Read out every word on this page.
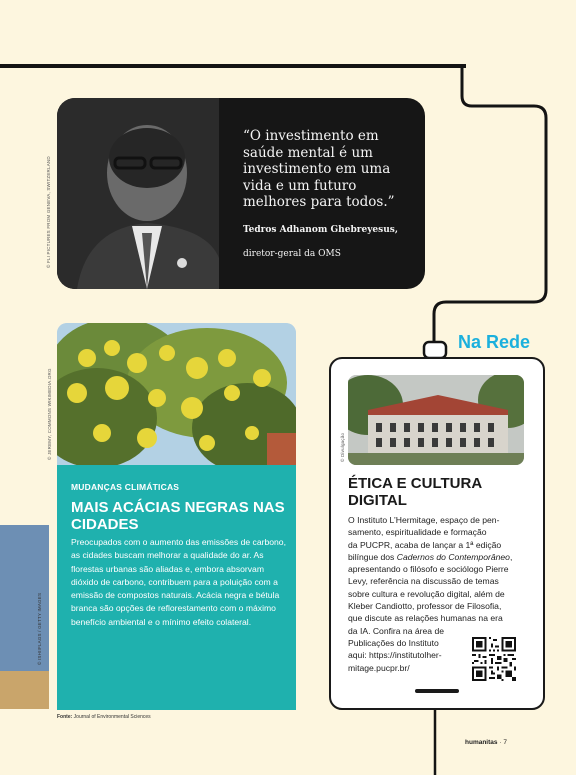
“O investimento em saúde mental é um investimento em uma vida e um futuro melhores para todos.”
Tedros Adhanom Ghebreyesus,
diretor-geral da OMS
© FLI PICTURES FROM GENEVA, SWITZERLAND
© ISHIIFLAGS / GETTY IMAGES
© JEREMY, COMMONS WIKIMEDIA.ORG
MUDANÇAS CLIMÁTICAS
MAIS ACÁCIAS NEGRAS NAS CIDADES
Preocupados com o aumento das emissões de carbono, as cidades buscam melhorar a qualidade do ar. As florestas urbanas são aliadas e, embora absorvam dióxido de carbono, contribuem para a poluição com a emissão de compostos naturais. Acácia negra e bétula branca são opções de reflorestamento com o máximo benefício ambiental e o mínimo efeito colateral.
Fonte: Journal of Environmental Sciences
Na Rede
© Divulgação
ÉTICA E CULTURA DIGITAL
O Instituto L’Hermitage, espaço de pen-
samento, espiritualidade e formação
da PUCPR, acaba de lançar a 1ª edição
bilíngue dos Cadernos do Contemporâneo,
apresentando o filósofo e sociólogo Pierre
Levy, referência na discussão de temas
sobre cultura e revolução digital, além de
Kleber Candiotto, professor de Filosofia,
que discute as relações humanas na era
da IA. Confira na área de
Publicações do Instituto
aqui: https://institutolher-
mitage.pucpr.br/
humanitas · 7
